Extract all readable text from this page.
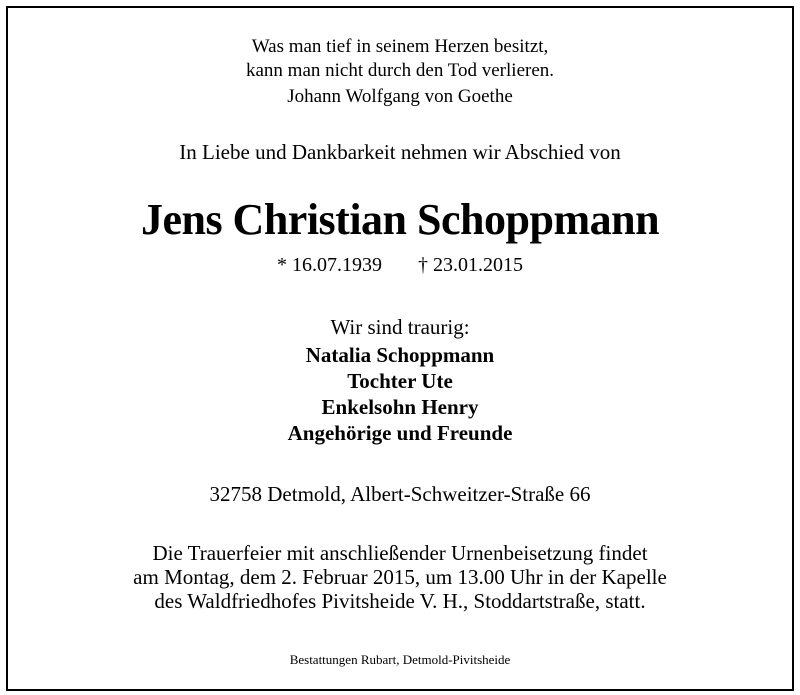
Was man tief in seinem Herzen besitzt,
kann man nicht durch den Tod verlieren.
Johann Wolfgang von Goethe
In Liebe und Dankbarkeit nehmen wir Abschied von
Jens Christian Schoppmann
* 16.07.1939 † 23.01.2015
Wir sind traurig:
Natalia Schoppmann
Tochter Ute
Enkelsohn Henry
Angehörige und Freunde
32758 Detmold, Albert-Schweitzer-Straße 66
Die Trauerfeier mit anschließender Urnenbeisetzung findet
am Montag, dem 2. Februar 2015, um 13.00 Uhr in der Kapelle
des Waldfriedhofes Pivitsheide V. H., Stoddartstraße, statt.
Bestattungen Rubart, Detmold-Pivitsheide
